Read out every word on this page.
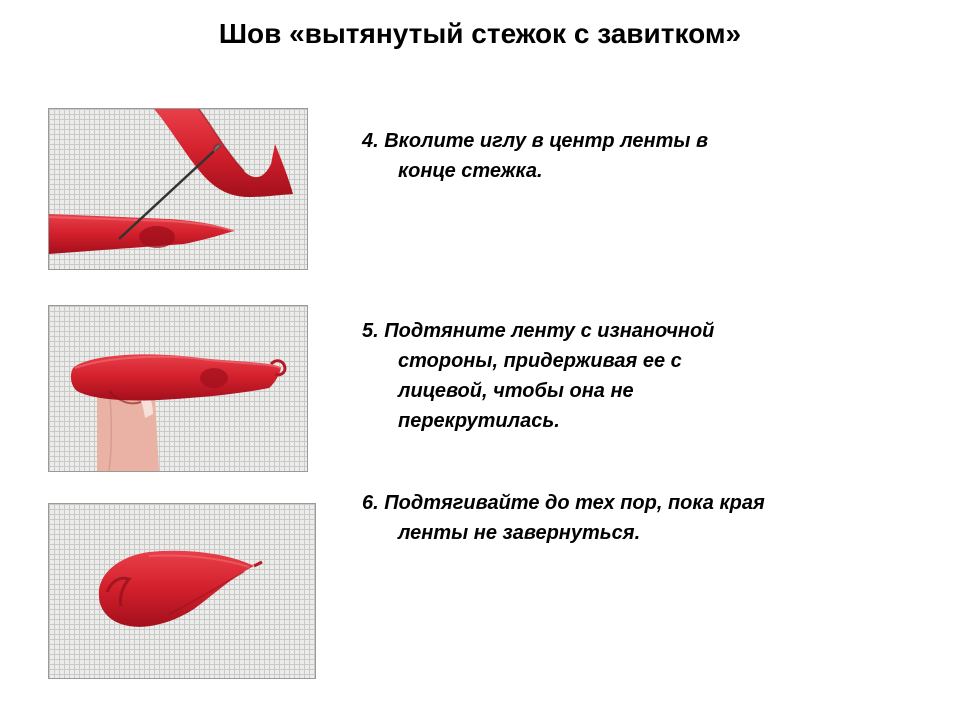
Шов «вытянутый стежок с завитком»
4. Вколите иглу в центр ленты в
конце стежка.
5. Подтяните ленту с изнаночной
стороны, придерживая ее с
лицевой, чтобы она не
перекрутилась.
6. Подтягивайте до тех пор, пока края
ленты не завернуться.
